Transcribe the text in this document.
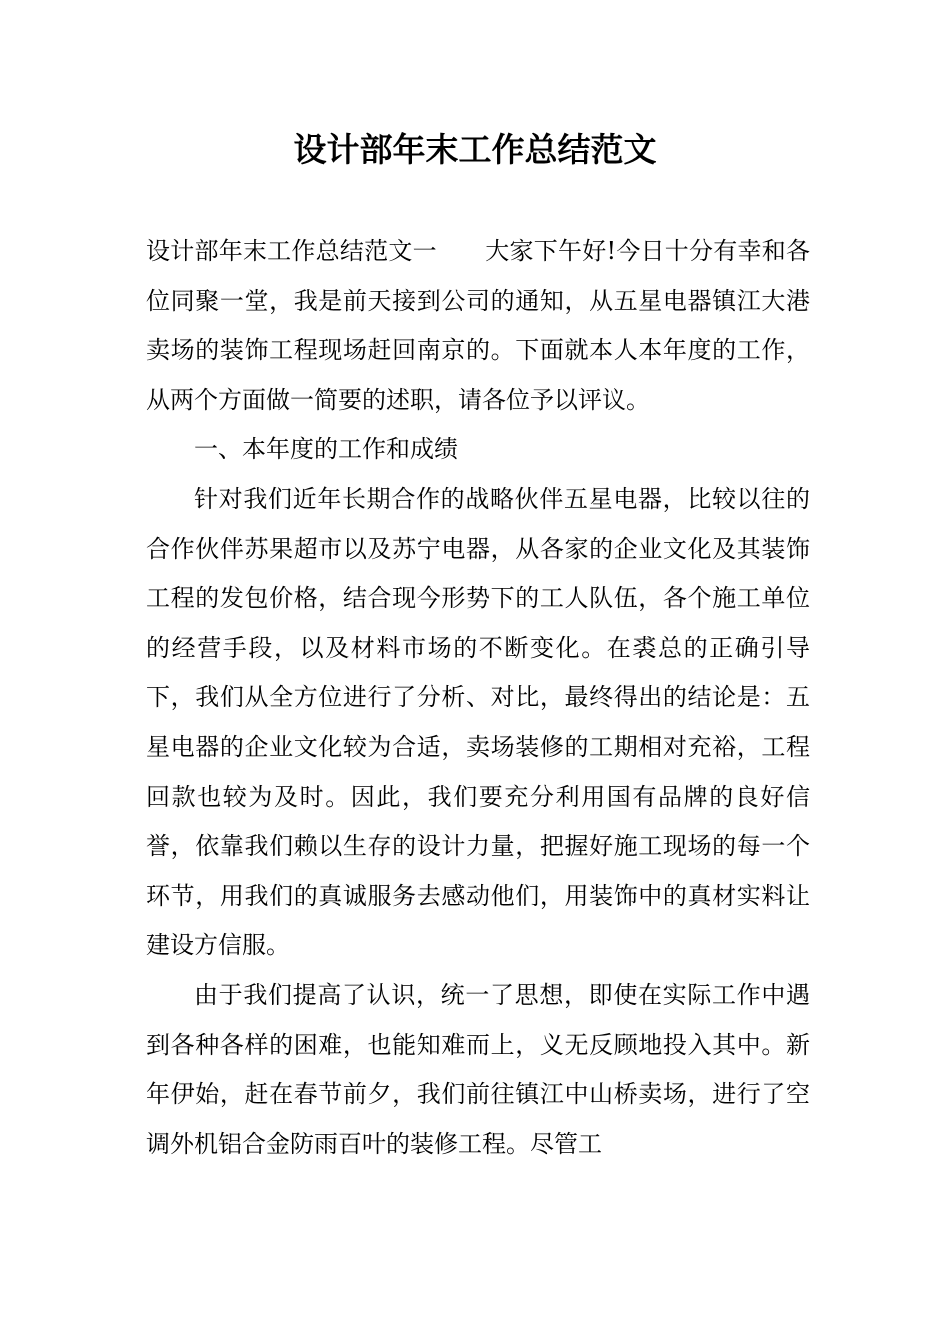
设计部年末工作总结范文

设计部年末工作总结范文一　　大家下午好!今日十分有幸和各位同聚一堂，我是前天接到公司的通知，从五星电器镇江大港卖场的装饰工程现场赶回南京的。下面就本人本年度的工作，从两个方面做一简要的述职，请各位予以评议。

一、本年度的工作和成绩

针对我们近年长期合作的战略伙伴五星电器，比较以往的合作伙伴苏果超市以及苏宁电器，从各家的企业文化及其装饰工程的发包价格，结合现今形势下的工人队伍，各个施工单位的经营手段，以及材料市场的不断变化。在裘总的正确引导下，我们从全方位进行了分析、对比，最终得出的结论是：五星电器的企业文化较为合适，卖场装修的工期相对充裕，工程回款也较为及时。因此，我们要充分利用国有品牌的良好信誉，依靠我们赖以生存的设计力量，把握好施工现场的每一个环节，用我们的真诚服务去感动他们，用装饰中的真材实料让建设方信服。

由于我们提高了认识，统一了思想，即使在实际工作中遇到各种各样的困难，也能知难而上，义无反顾地投入其中。新年伊始，赶在春节前夕，我们前往镇江中山桥卖场，进行了空调外机铝合金防雨百叶的装修工程。尽管工
